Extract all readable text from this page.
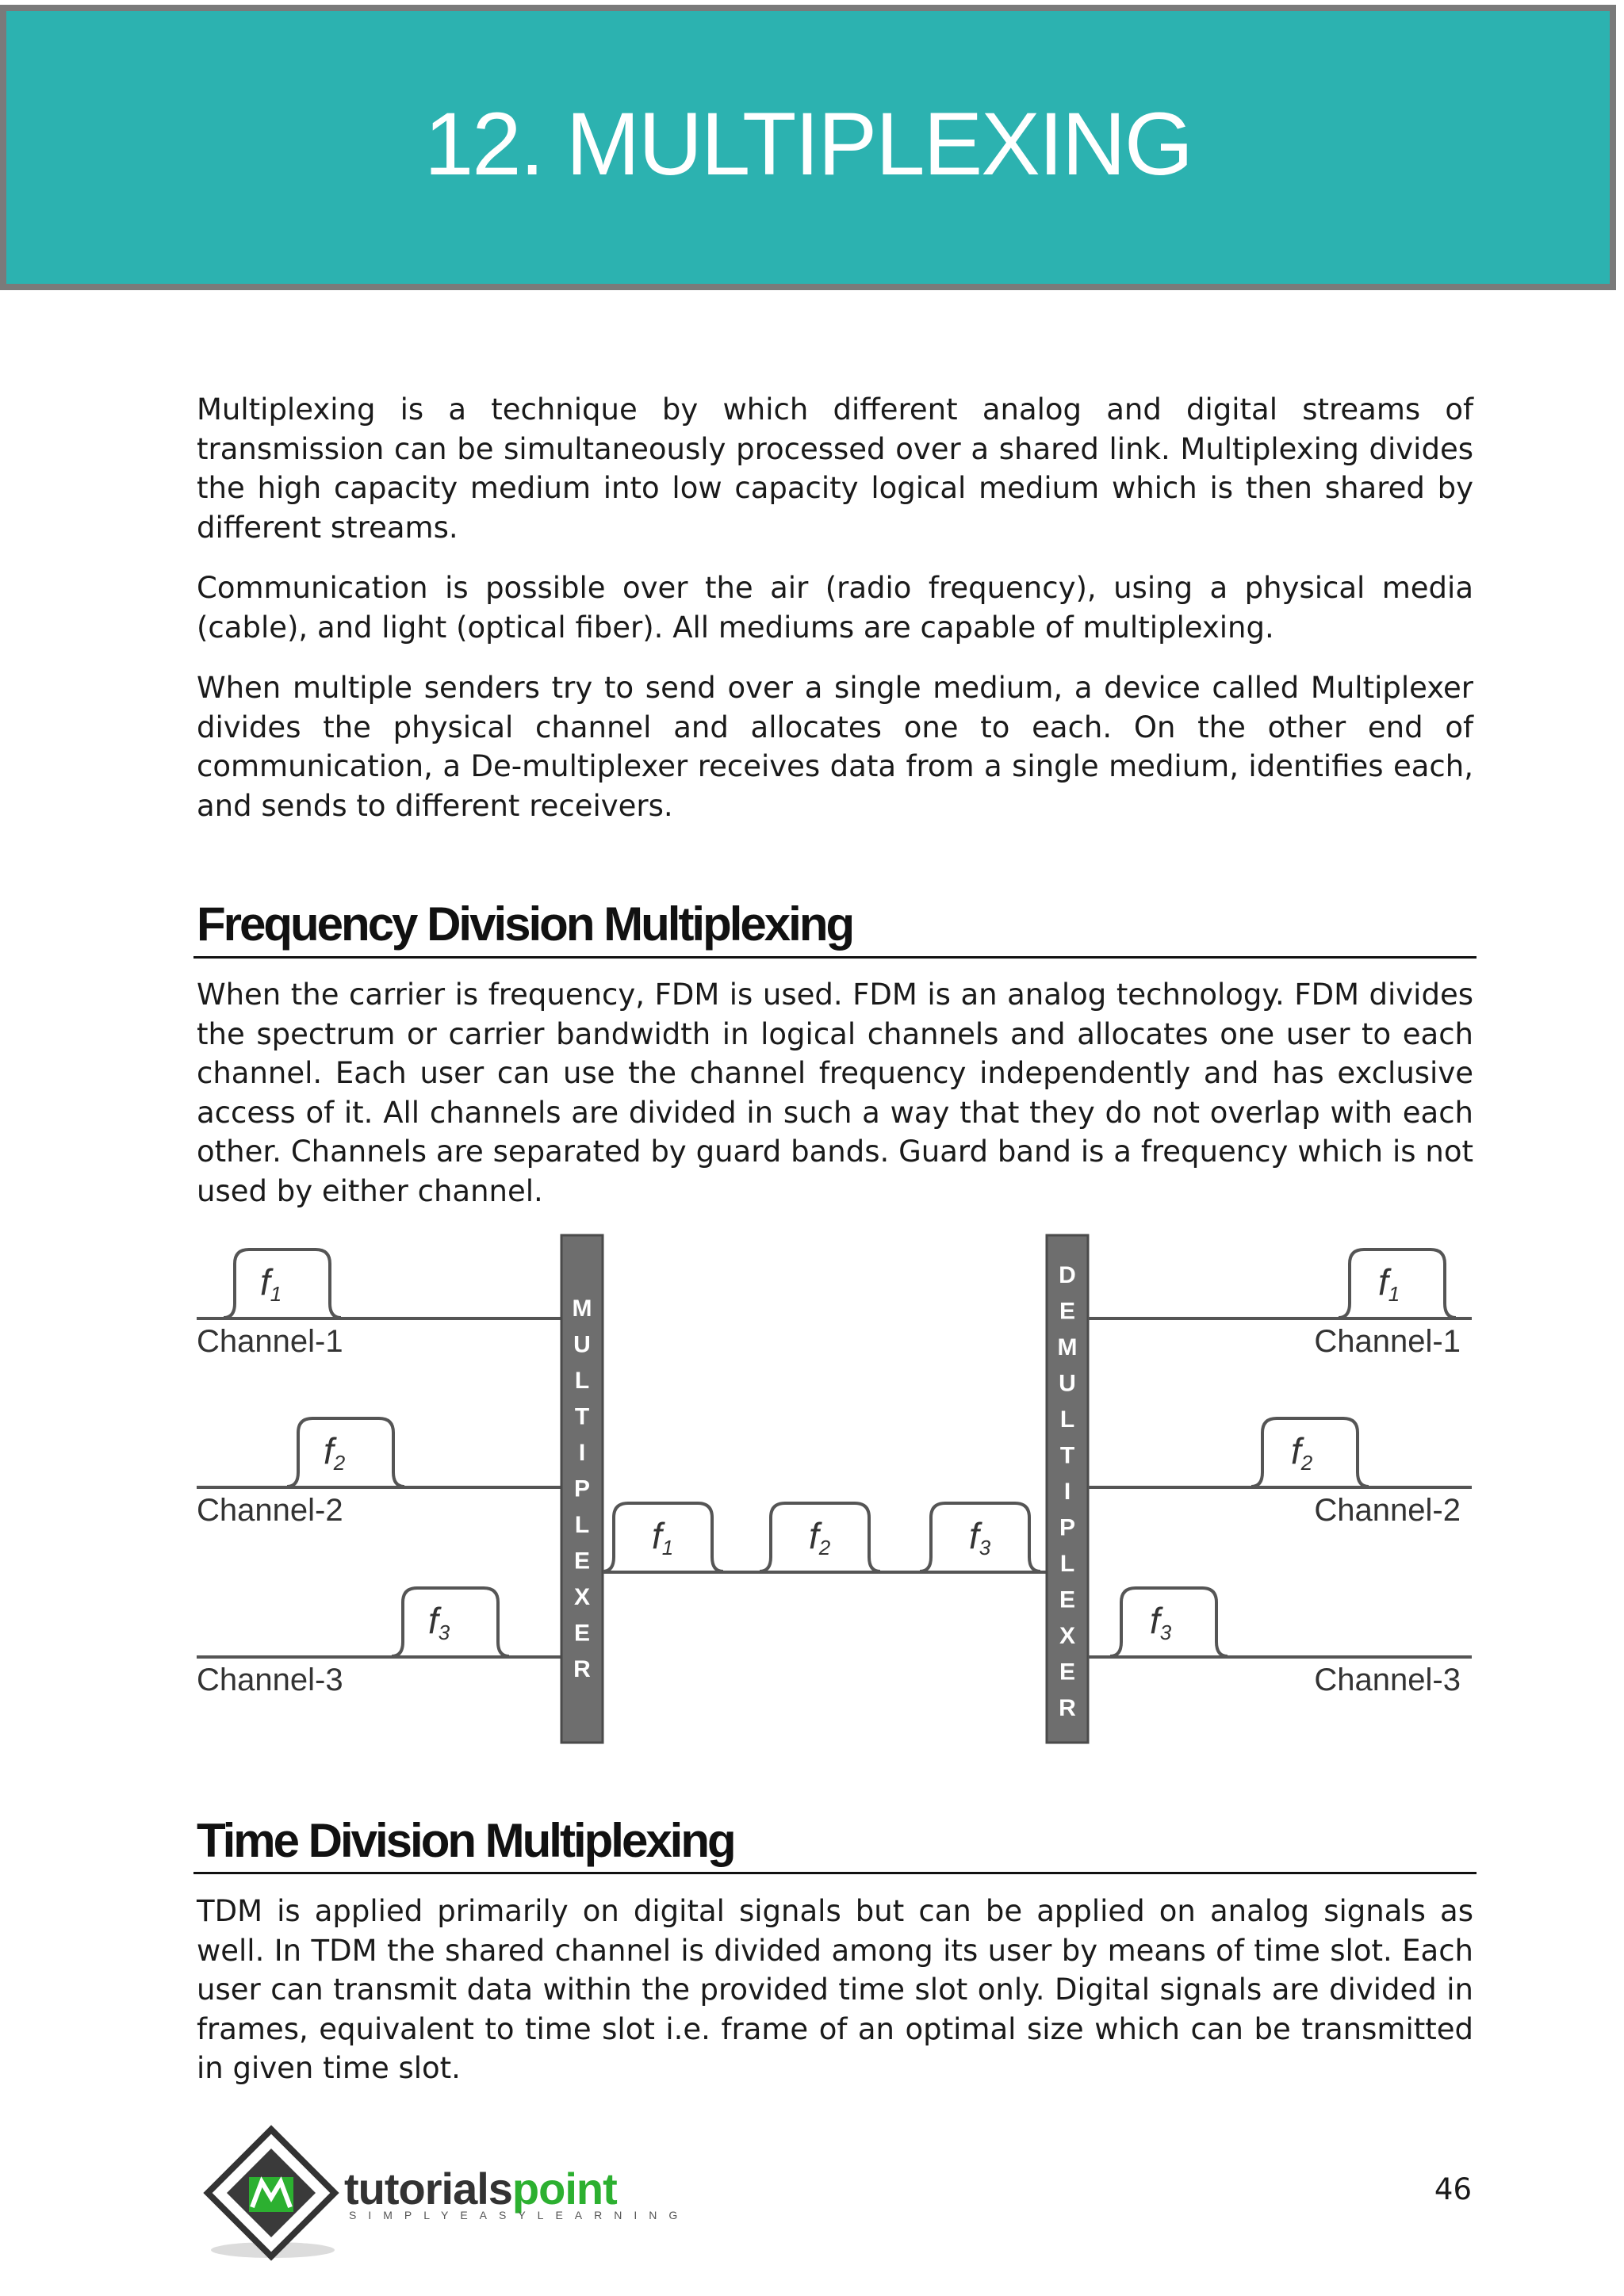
12. MULTIPLEXING

Multiplexing is a technique by which different analog and digital streams of transmission can be simultaneously processed over a shared link. Multiplexing divides the high capacity medium into low capacity logical medium which is then shared by different streams.

Communication is possible over the air (radio frequency), using a physical media (cable), and light (optical fiber). All mediums are capable of multiplexing.

When multiple senders try to send over a single medium, a device called Multiplexer divides the physical channel and allocates one to each. On the other end of communication, a De-multiplexer receives data from a single medium, identifies each, and sends to different receivers.

Frequency Division Multiplexing

When the carrier is frequency, FDM is used. FDM is an analog technology. FDM divides the spectrum or carrier bandwidth in logical channels and allocates one user to each channel. Each user can use the channel frequency independently and has exclusive access of it. All channels are divided in such a way that they do not overlap with each other. Channels are separated by guard bands. Guard band is a frequency which is not used by either channel.

f1
Channel-1
f2
Channel-2
f3
Channel-3
M
U
L
T
I
P
L
E
X
E
R
f1	f2	f3
D
E
M
U
L
T
I
P
L
E
X
E
R
f1
Channel-1
f2
Channel-2
f3
Channel-3
Time Division Multiplexing

TDM is applied primarily on digital signals but can be applied on analog signals as well. In TDM the shared channel is divided among its user by means of time slot. Each user can transmit data within the provided time slot only. Digital signals are divided in frames, equivalent to time slot i.e. frame of an optimal size which can be transmitted in given time slot.

tutorialspoint
SIMPLYEASYLEARNING
46
